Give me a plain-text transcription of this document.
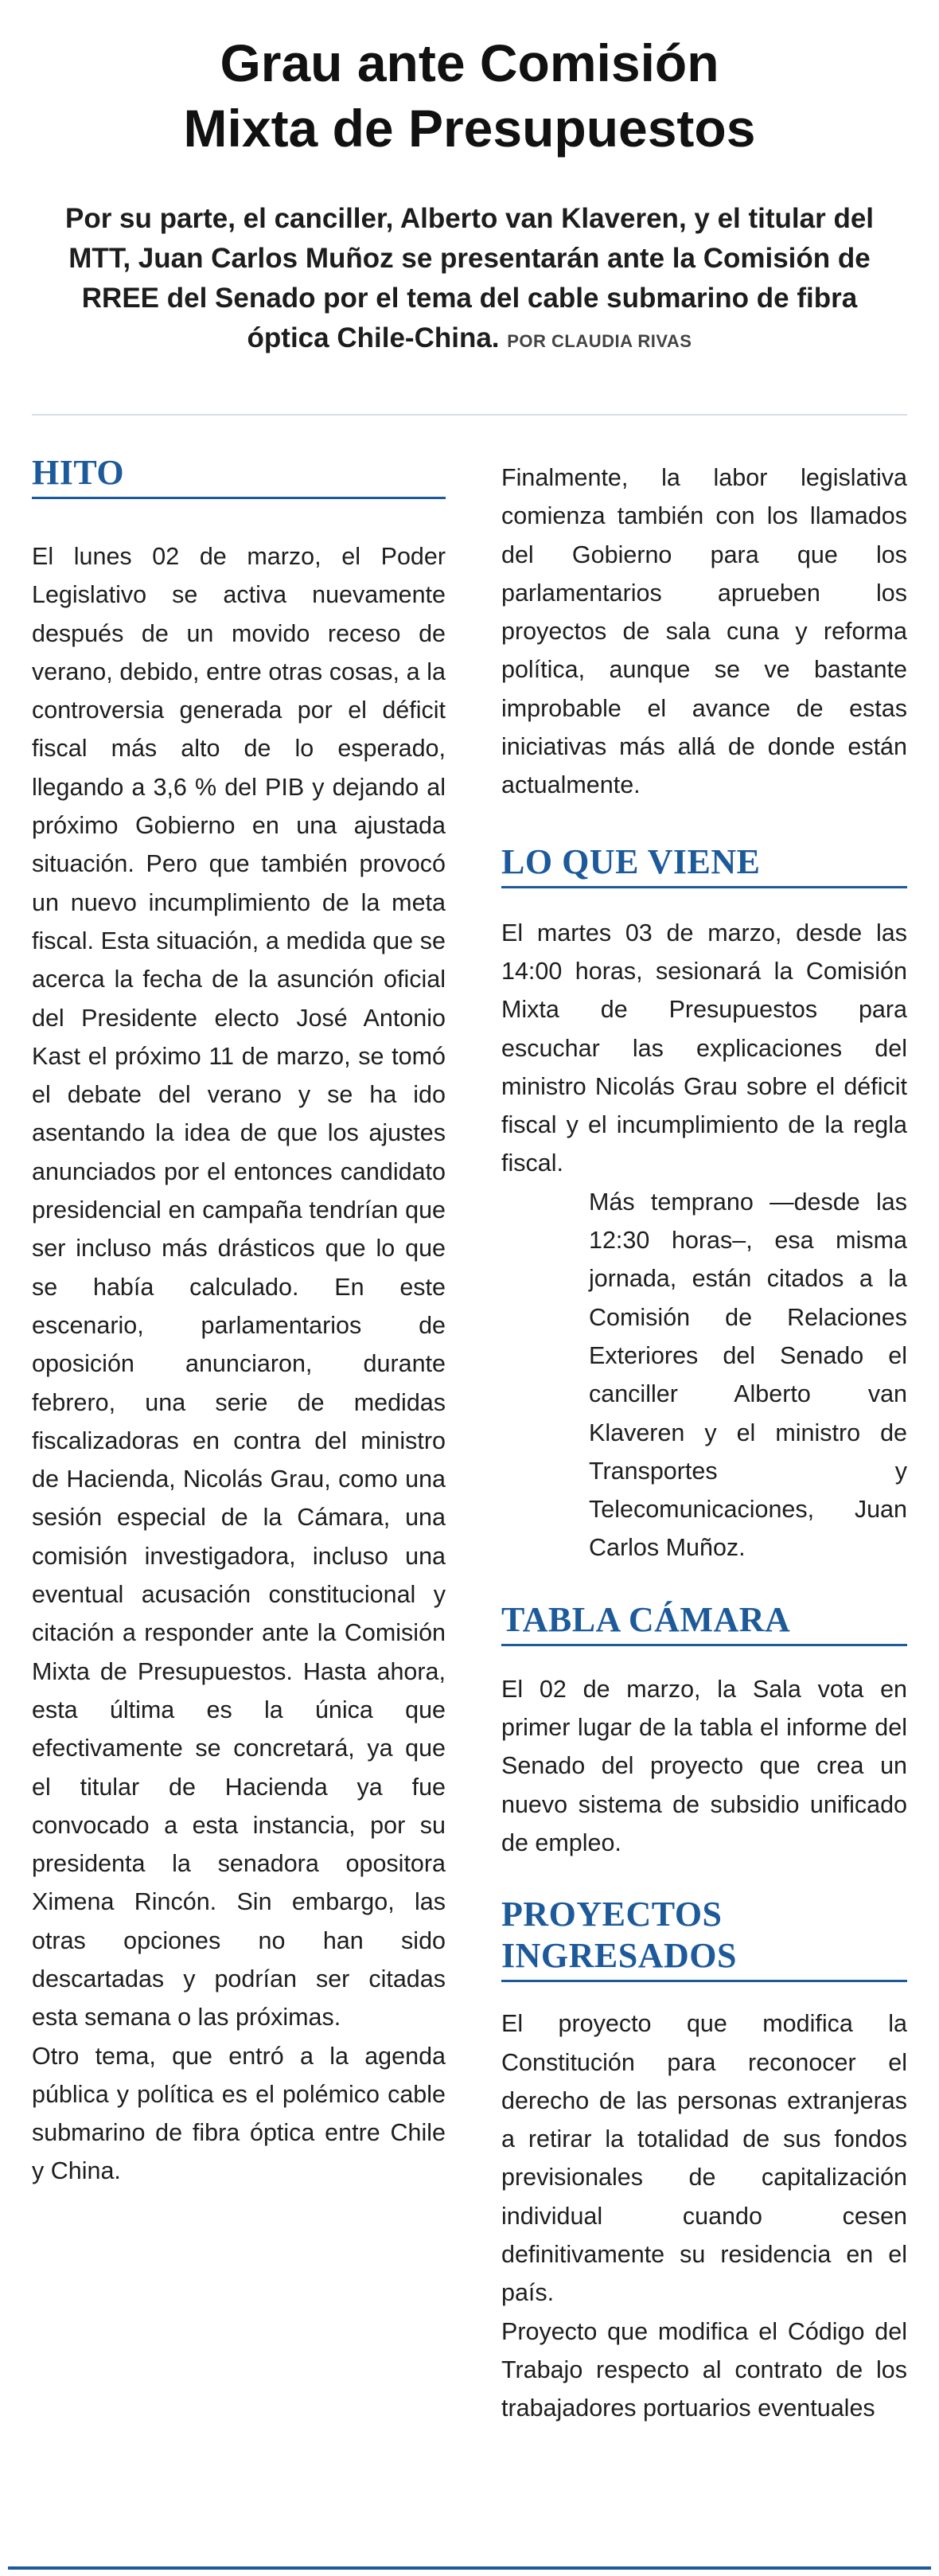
Grau ante Comisión
Mixta de Presupuestos
Por su parte, el canciller, Alberto van Klaveren, y el titular del MTT, Juan Carlos Muñoz se presentarán ante la Comisión de RREE del Senado por el tema del cable submarino de fibra óptica Chile-China. POR CLAUDIA RIVAS
HITO

El lunes 02 de marzo, el Poder Legislativo se activa nuevamente después de un movido receso de verano, debido, entre otras cosas, a la controversia generada por el déficit fiscal más alto de lo esperado, llegando a 3,6 % del PIB y dejando al próximo Gobierno en una ajustada situación. Pero que también provocó un nuevo incumplimiento de la meta fiscal. Esta situación, a medida que se acerca la fecha de la asunción oficial del Presidente electo José Antonio Kast el próximo 11 de marzo, se tomó el debate del verano y se ha ido asentando la idea de que los ajustes anunciados por el entonces candidato presidencial en campaña tendrían que ser incluso más drásticos que lo que se había calculado. En este escenario, parlamentarios de oposición anunciaron, durante febrero, una serie de medidas fiscalizadoras en contra del ministro de Hacienda, Nicolás Grau, como una sesión especial de la Cámara, una comisión investigadora, incluso una eventual acusación constitucional y citación a responder ante la Comisión Mixta de Presupuestos. Hasta ahora, esta última es la única que efectivamente se concretará, ya que el titular de Hacienda ya fue convocado a esta instancia, por su presidenta la senadora opositora Ximena Rincón. Sin embargo, las otras opciones no han sido descartadas y podrían ser citadas esta semana o las próximas.

Otro tema, que entró a la agenda pública y política es el polémico cable submarino de fibra óptica entre Chile y China.

Finalmente, la labor legislativa comienza también con los llamados del Gobierno para que los parlamentarios aprueben los proyectos de sala cuna y reforma política, aunque se ve bastante improbable el avance de estas iniciativas más allá de donde están actualmente.

LO QUE VIENE

El martes 03 de marzo, desde las 14:00 horas, sesionará la Comisión Mixta de Presupuestos para escuchar las explicaciones del ministro Nicolás Grau sobre el déficit fiscal y el incumplimiento de la regla fiscal.

Más temprano —desde las 12:30 horas–, esa misma jornada, están citados a la Comisión de Relaciones Exteriores del Senado el canciller Alberto van Klaveren y el ministro de Transportes y Telecomunicaciones, Juan Carlos Muñoz.

TABLA CÁMARA

El 02 de marzo, la Sala vota en primer lugar de la tabla el informe del Senado del proyecto que crea un nuevo sistema de subsidio unificado de empleo.

PROYECTOS
INGRESADOS

El proyecto que modifica la Constitución para reconocer el derecho de las personas extranjeras a retirar la totalidad de sus fondos previsionales de capitalización individual cuando cesen definitivamente su residencia en el país.

Proyecto que modifica el Código del Trabajo respecto al contrato de los trabajadores portuarios eventuales
